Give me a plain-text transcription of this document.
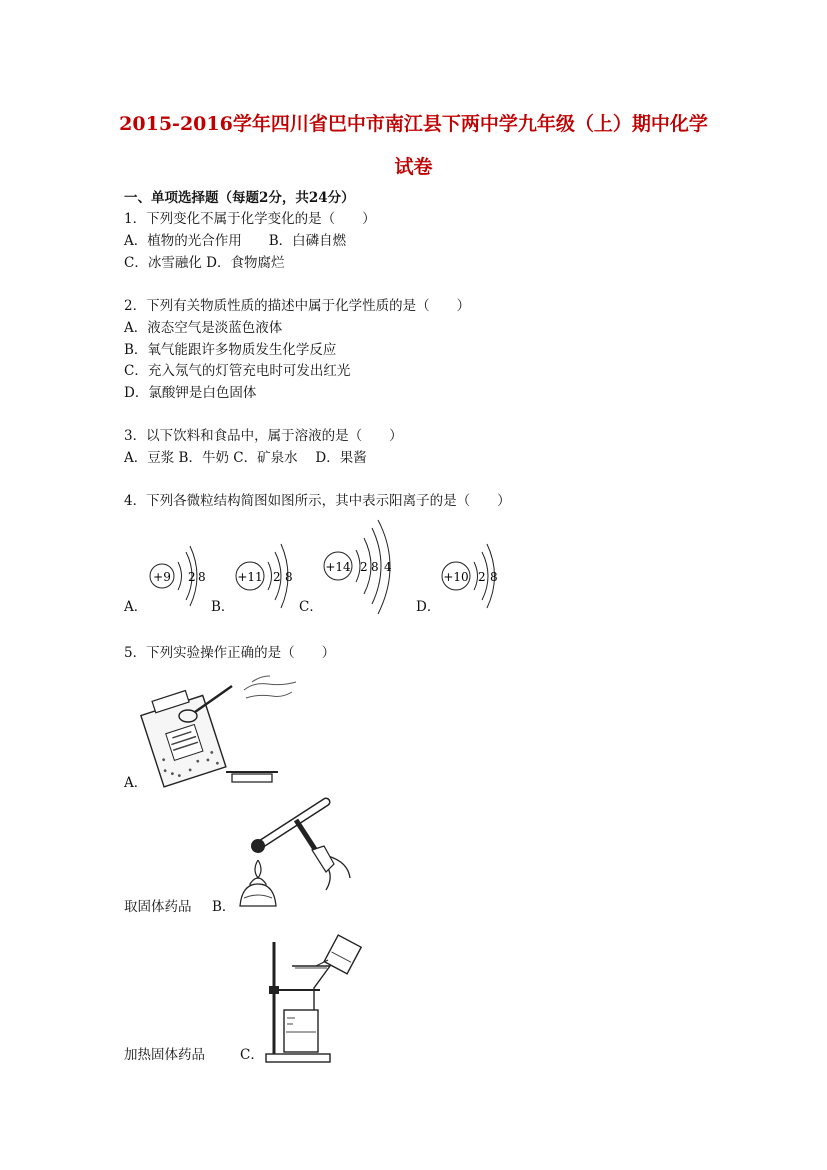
2015-2016学年四川省巴中市南江县下两中学九年级（上）期中化学
试卷
一、单项选择题（每题2分，共24分）
1．下列变化不属于化学变化的是（　　）
A．植物的光合作用　　B．白磷自燃
C．冰雪融化 D．食物腐烂
2．下列有关物质性质的描述中属于化学性质的是（　　）
A．液态空气是淡蓝色液体
B．氧气能跟许多物质发生化学反应
C．充入氖气的灯管充电时可发出红光
D．氯酸钾是白色固体
3．以下饮料和食品中，属于溶液的是（　　）
A．豆浆 B．牛奶 C．矿泉水　 D．果酱
4．下列各微粒结构简图如图所示，其中表示阳离子的是（　　）
+9 2 8	+11 2 8
+14 2 8 4
+10 2 8
A．	B．	C．	D．
5．下列实验操作正确的是（　　）
A．
取固体药品 B．
加热固体药品	C．
